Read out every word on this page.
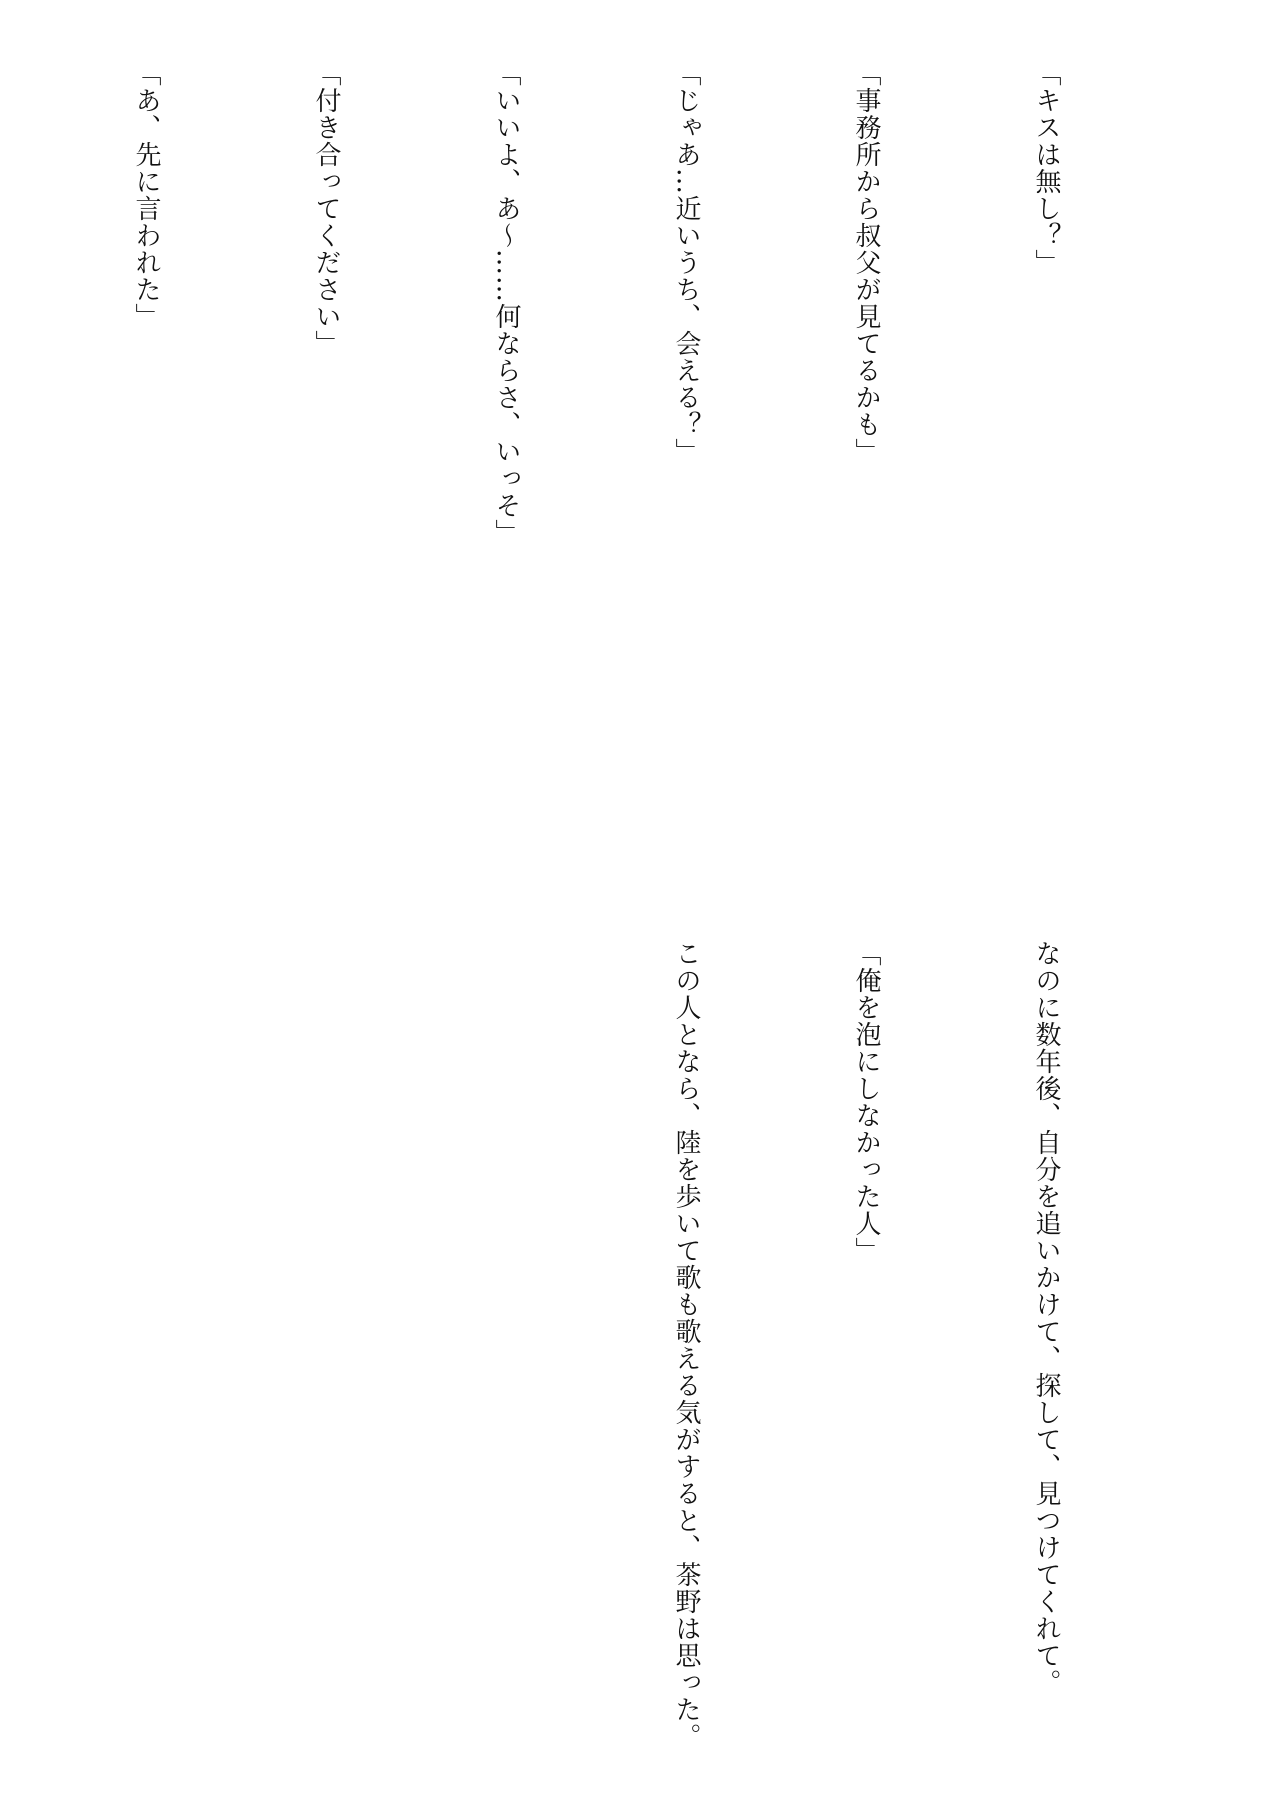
「キスは無し？」

「事務所から叔父が見てるかも」

「じゃあ…近いうち、会える？」

「いいよ、あ〜……何ならさ、いっそ」

「付き合ってください」

「あ、先に言われた」

なのに数年後、自分を追いかけて、探して、見つけてくれて。

「俺を泡にしなかった人」

この人となら、陸を歩いて歌も歌える気がすると、茶野は思った。
